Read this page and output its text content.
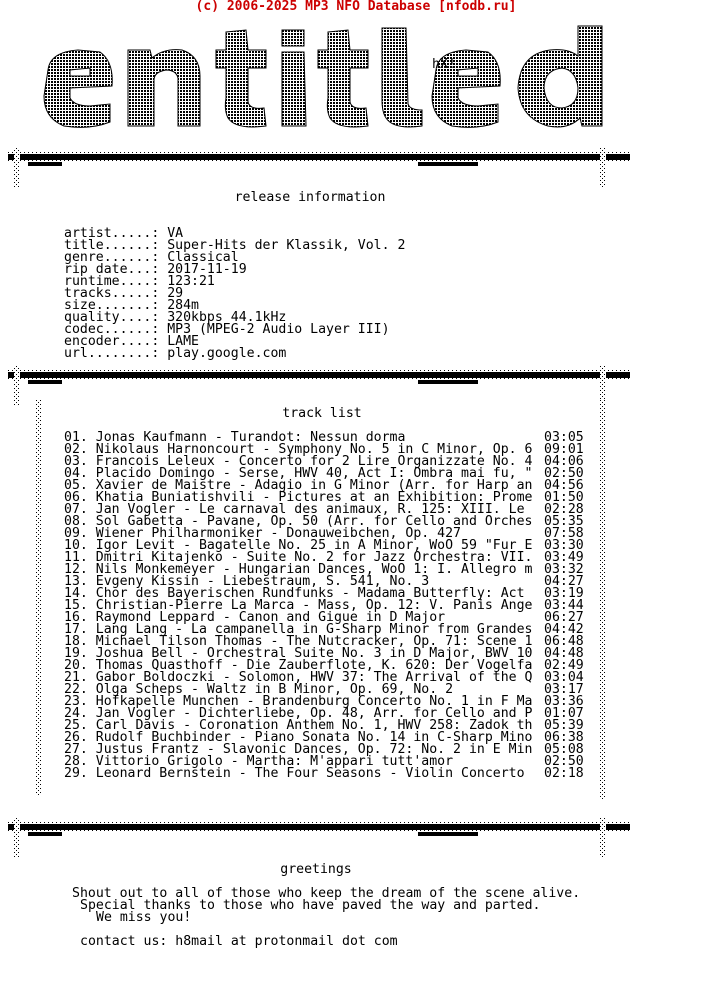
(c) 2006-2025 MP3 NFO Database [nfodb.ru]
hX!
release information
artist.....: VA
title......: Super-Hits der Klassik, Vol. 2
genre......: Classical
rip date...: 2017-11-19
runtime....: 123:21
tracks.....: 29
size.......: 284m
quality....: 320kbps 44.1kHz
codec......: MP3 (MPEG-2 Audio Layer III)
encoder....: LAME
url........: play.google.com
track list
01. Jonas Kaufmann - Turandot: Nessun dorma	03:05
02. Nikolaus Harnoncourt - Symphony No. 5 in C Minor, Op. 6 09:01
03. Francois Leleux - Concerto for 2 Lire Organizzate No. 4 04:06
04. Placido Domingo - Serse, HWV 40, Act I: Ombra mai fu, " 02:50
05. Xavier de Maistre - Adagio in G Minor (Arr. for Harp an 04:56
06. Khatia Buniatishvili - Pictures at an Exhibition: Prome 01:50
07. Jan Vogler - Le carnaval des animaux, R. 125: XIII. Le 02:28
08. Sol Gabetta - Pavane, Op. 50 (Arr. for Cello and Orches 05:35
09. Wiener Philharmoniker - Donauweibchen, Op. 427	07:58
10. Igor Levit - Bagatelle No. 25 in A Minor, WoO 59 "Fur E 03:30
11. Dmitri Kitajenko - Suite No. 2 for Jazz Orchestra: VII. 03:49
12. Nils Monkemeyer - Hungarian Dances, WoO 1: I. Allegro m 03:32
13. Evgeny Kissin - Liebestraum, S. 541, No. 3	04:27
14. Chor des Bayerischen Rundfunks - Madama Butterfly: Act 03:19
15. Christian-Pierre La Marca - Mass, Op. 12: V. Panis Ange 03:44
16. Raymond Leppard - Canon and Gigue in D Major	06:27
17. Lang Lang - La campanella in G-Sharp Minor from Grandes 04:42
18. Michael Tilson Thomas - The Nutcracker, Op. 71: Scene 1 06:48
19. Joshua Bell - Orchestral Suite No. 3 in D Major, BWV 10 04:48
20. Thomas Quasthoff - Die Zauberflote, K. 620: Der Vogelfa 02:49
21. Gabor Boldoczki - Solomon, HWV 37: The Arrival of the Q 03:04
22. Olga Scheps - Waltz in B Minor, Op. 69, No. 2	03:17
23. Hofkapelle Munchen - Brandenburg Concerto No. 1 in F Ma 03:36
24. Jan Vogler - Dichterliebe, Op. 48, Arr. for Cello and P 01:07
25. Carl Davis - Coronation Anthem No. 1, HWV 258: Zadok th 05:39
26. Rudolf Buchbinder - Piano Sonata No. 14 in C-Sharp Mino 06:38
27. Justus Frantz - Slavonic Dances, Op. 72: No. 2 in E Min 05:08
28. Vittorio Grigolo - Martha: M'appari tutt'amor	02:50
29. Leonard Bernstein - The Four Seasons - Violin Concerto 02:18
greetings
Shout out to all of those who keep the dream of the scene alive.
Special thanks to those who have paved the way and parted.
We miss you!
contact us: h8mail at protonmail dot com
